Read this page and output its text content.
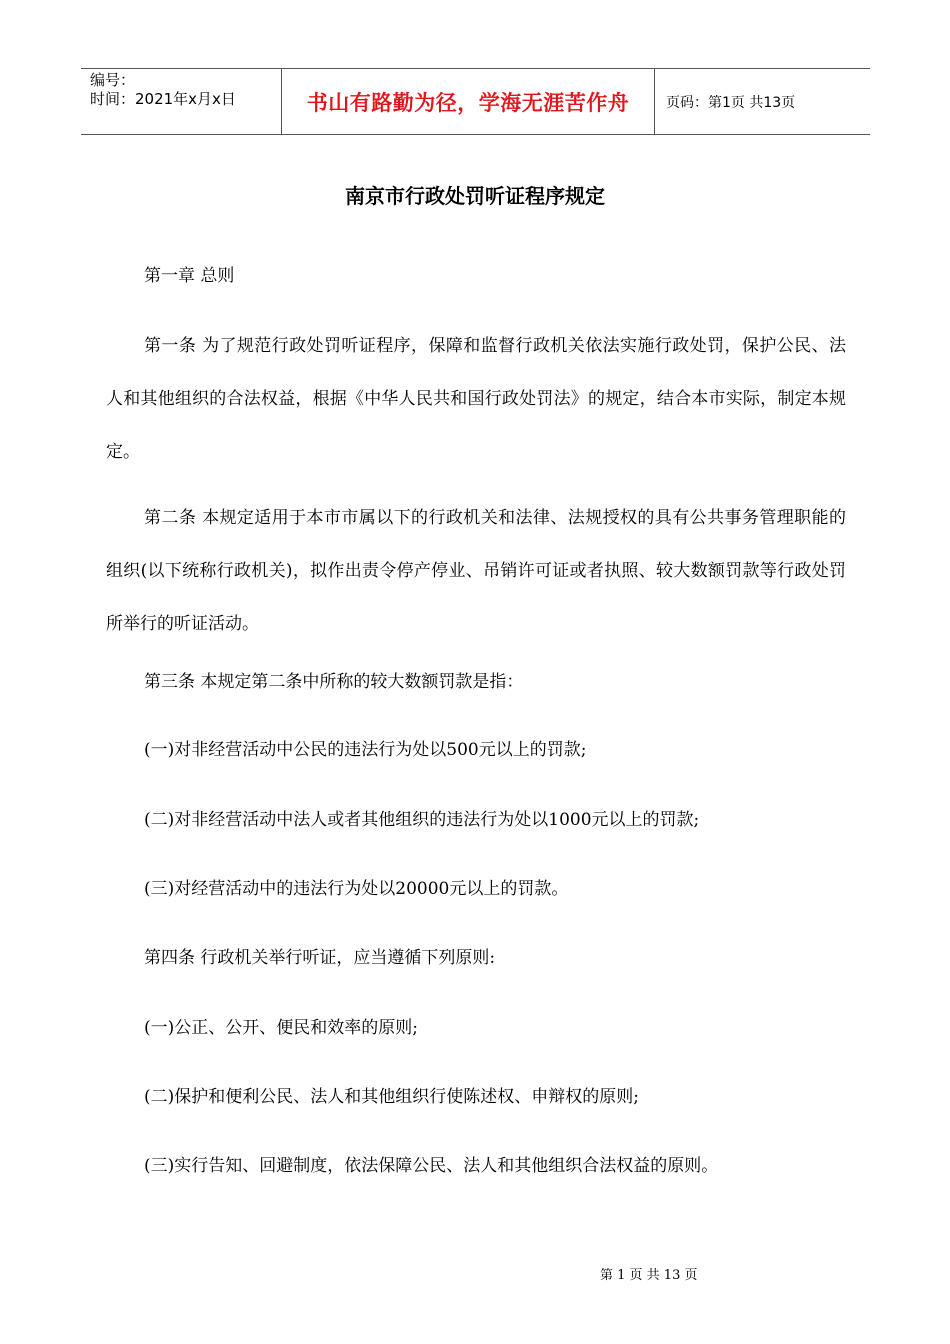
编号：
时间：2021年x月x日	书山有路勤为径，学海无涯苦作舟	页码：第1页 共13页
南京市行政处罚听证程序规定
第一章 总则
第一条 为了规范行政处罚听证程序，保障和监督行政机关依法实施行政处罚，保护公民、法人和其他组织的合法权益，根据《中华人民共和国行政处罚法》的规定，结合本市实际，制定本规定。
第二条 本规定适用于本市市属以下的行政机关和法律、法规授权的具有公共事务管理职能的组织(以下统称行政机关)，拟作出责令停产停业、吊销许可证或者执照、较大数额罚款等行政处罚所举行的听证活动。
第三条 本规定第二条中所称的较大数额罚款是指：
(一)对非经营活动中公民的违法行为处以500元以上的罚款;
(二)对非经营活动中法人或者其他组织的违法行为处以1000元以上的罚款;
(三)对经营活动中的违法行为处以20000元以上的罚款。
第四条 行政机关举行听证，应当遵循下列原则:
(一)公正、公开、便民和效率的原则;
(二)保护和便利公民、法人和其他组织行使陈述权、申辩权的原则;
(三)实行告知、回避制度，依法保障公民、法人和其他组织合法权益的原则。
第 1 页 共 13 页
